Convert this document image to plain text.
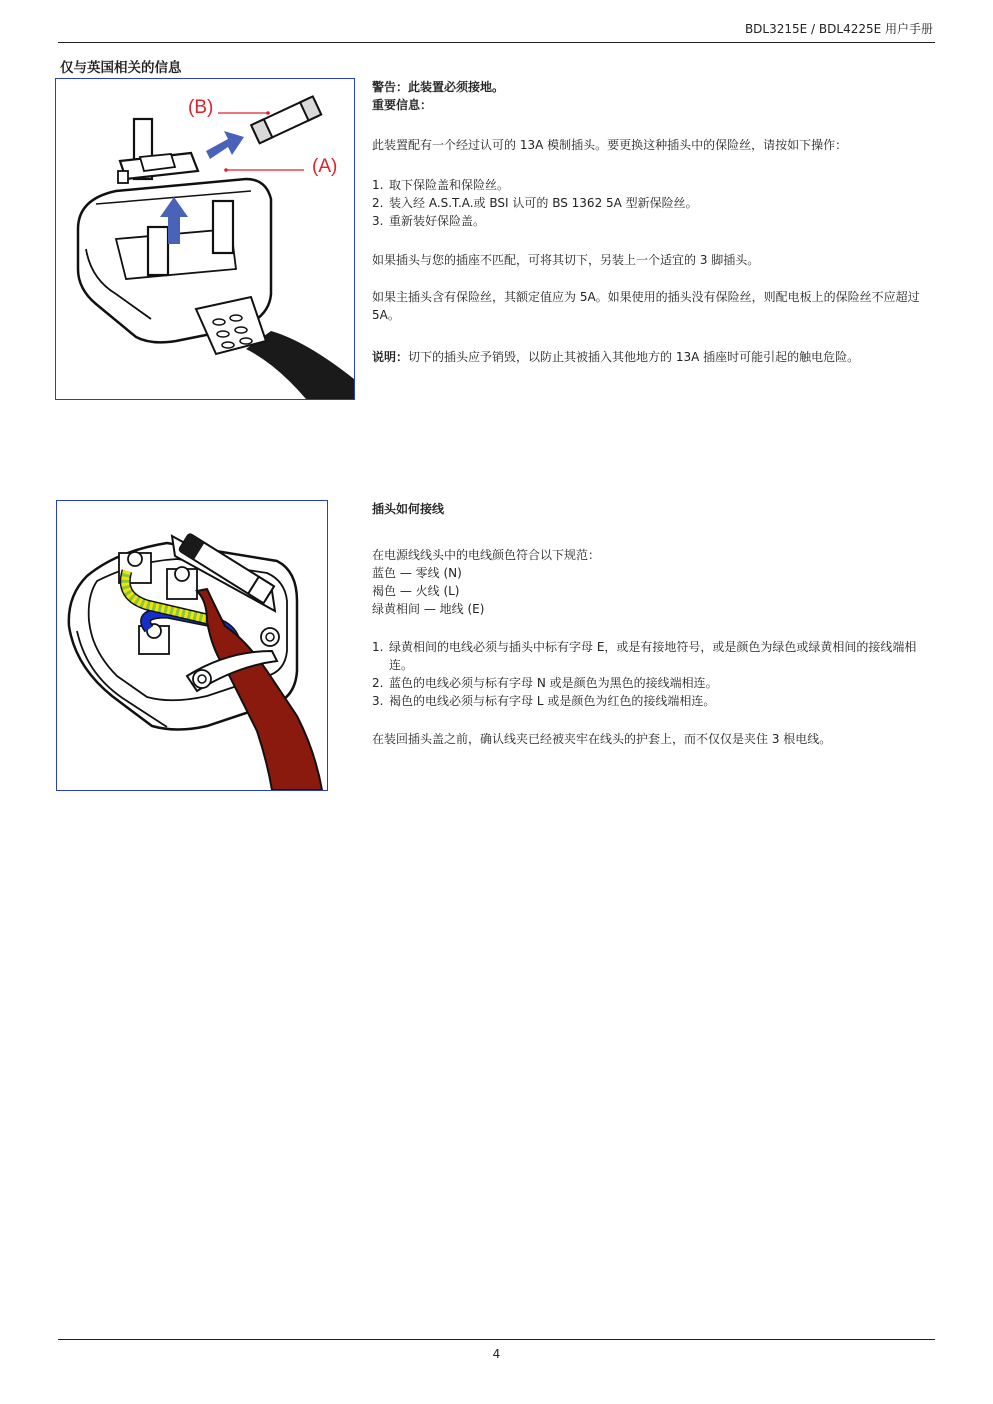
BDL3215E / BDL4225E 用户手册
仅与英国相关的信息
(B)
(A)

警告：此装置必须接地。

重要信息：

此装置配有一个经过认可的 13A 模制插头。要更换这种插头中的保险丝，请按如下操作：

1. 取下保险盖和保险丝。
2. 装入经 A.S.T.A.或 BSI 认可的 BS 1362 5A 型新保险丝。
3. 重新装好保险盖。

如果插头与您的插座不匹配，可将其切下，另装上一个适宜的 3 脚插头。

如果主插头含有保险丝，其额定值应为 5A。如果使用的插头没有保险丝，则配电板上的保险丝不应超过 5A。

说明：切下的插头应予销毁，以防止其被插入其他地方的 13A 插座时可能引起的触电危险。

插头如何接线

在电源线线头中的电线颜色符合以下规范：

蓝色 — 零线 (N)

褐色 — 火线 (L)

绿黄相间 — 地线 (E)

1. 绿黄相间的电线必须与插头中标有字母 E，或是有接地符号，或是颜色为绿色或绿黄相间的接线端相连。
2. 蓝色的电线必须与标有字母 N 或是颜色为黑色的接线端相连。
3. 褐色的电线必须与标有字母 L 或是颜色为红色的接线端相连。

在装回插头盖之前，确认线夹已经被夹牢在线头的护套上，而不仅仅是夹住 3 根电线。

4
